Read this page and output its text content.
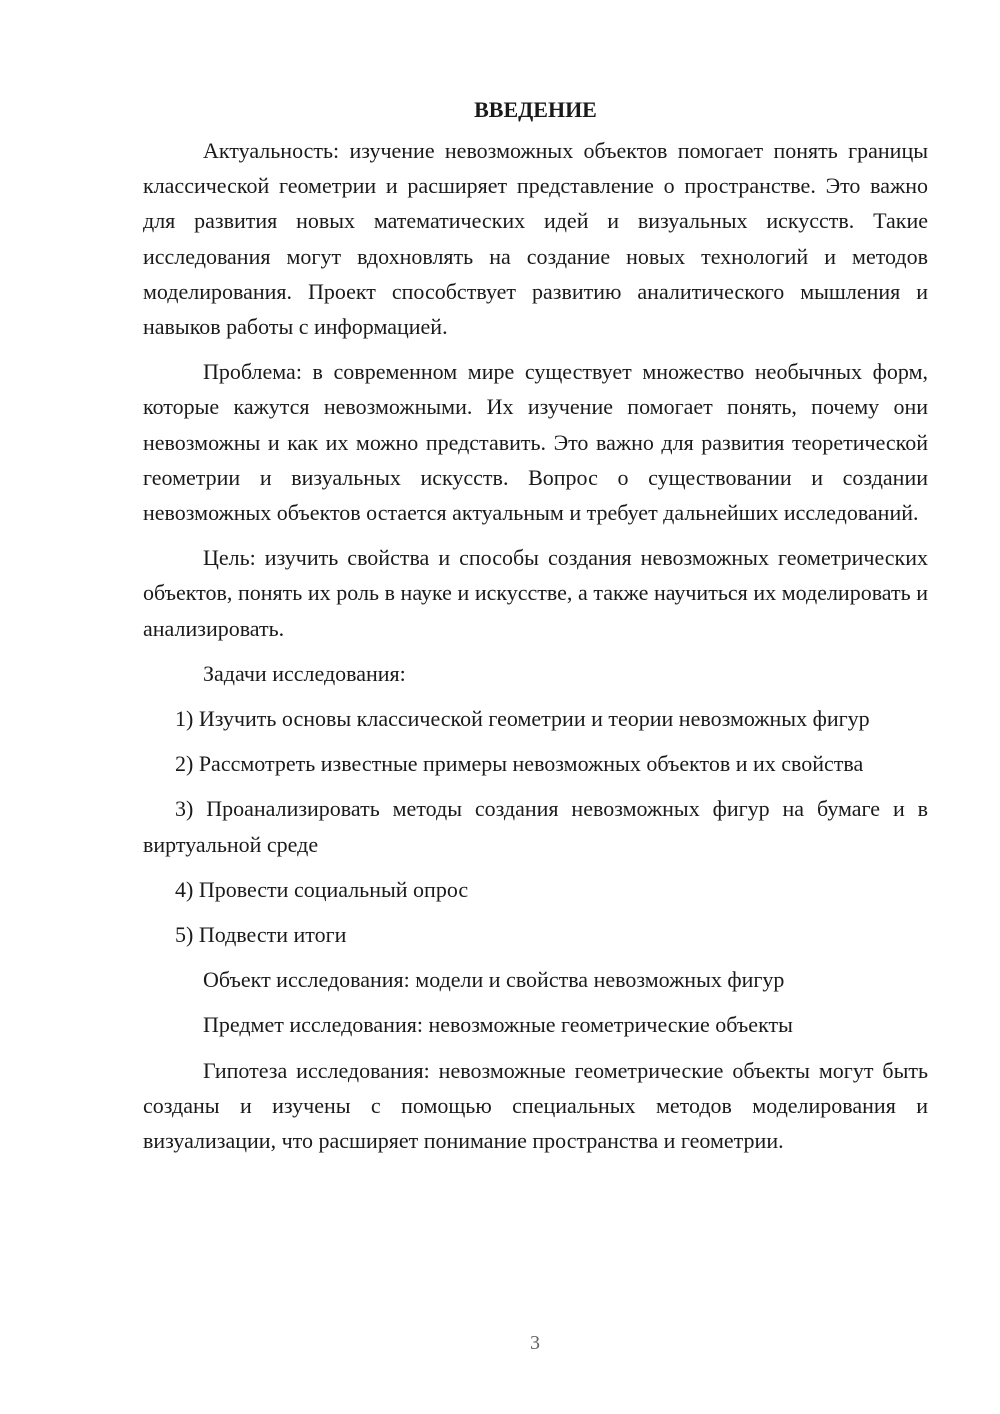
ВВЕДЕНИЕ

Актуальность: изучение невозможных объектов помогает понять границы классической геометрии и расширяет представление о пространстве. Это важно для развития новых математических идей и визуальных искусств. Такие исследования могут вдохновлять на создание новых технологий и методов моделирования. Проект способствует развитию аналитического мышления и навыков работы с информацией.

Проблема: в современном мире существует множество необычных форм, которые кажутся невозможными. Их изучение помогает понять, почему они невозможны и как их можно представить. Это важно для развития теоретической геометрии и визуальных искусств. Вопрос о существовании и создании невозможных объектов остается актуальным и требует дальнейших исследований.

Цель: изучить свойства и способы создания невозможных геометрических объектов, понять их роль в науке и искусстве, а также научиться их моделировать и анализировать.

Задачи исследования:

1) Изучить основы классической геометрии и теории невозможных фигур

2) Рассмотреть известные примеры невозможных объектов и их свойства

3) Проанализировать методы создания невозможных фигур на бумаге и в виртуальной среде

4) Провести социальный опрос

5) Подвести итоги

Объект исследования: модели и свойства невозможных фигур

Предмет исследования: невозможные геометрические объекты

Гипотеза исследования: невозможные геометрические объекты могут быть созданы и изучены с помощью специальных методов моделирования и визуализации, что расширяет понимание пространства и геометрии.

3
